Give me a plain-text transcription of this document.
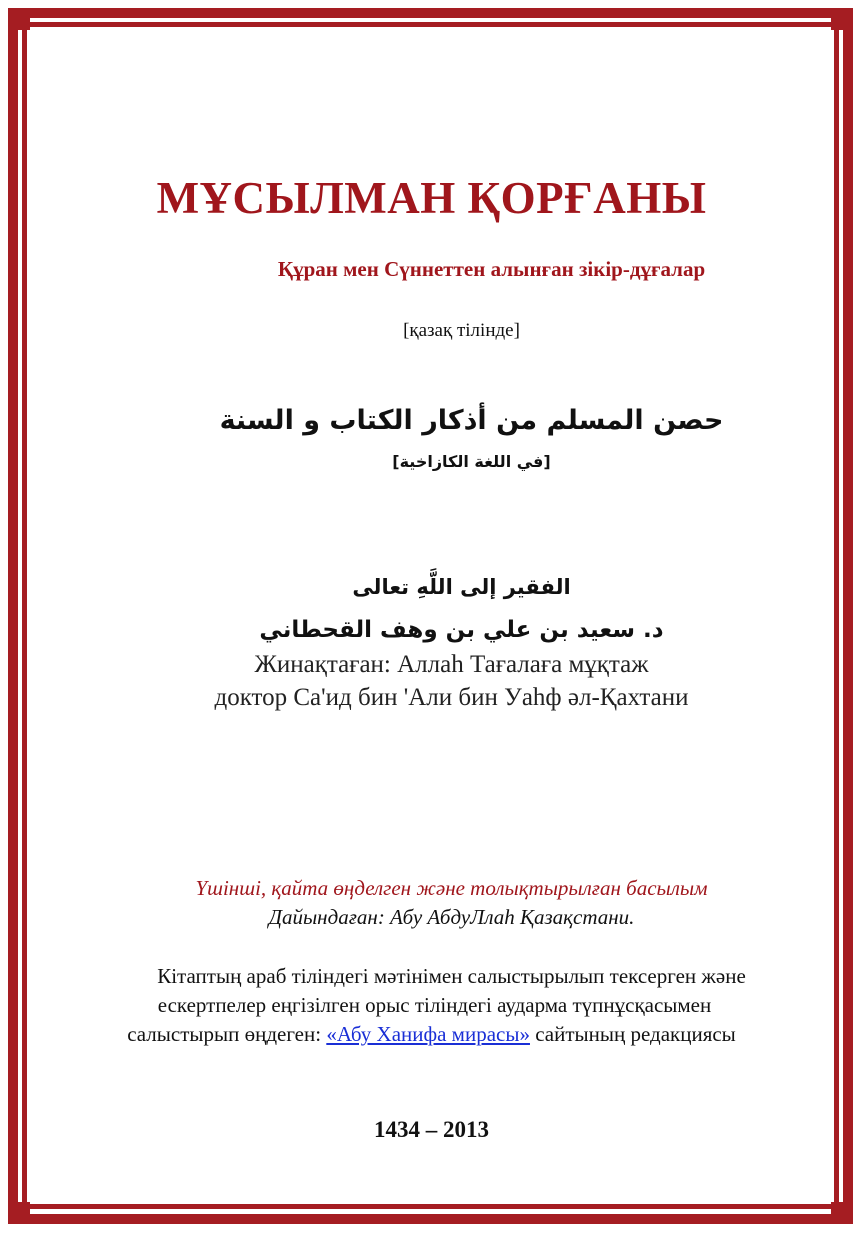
МҰСЫЛМАН ҚОРҒАНЫ
Құран мен Сүннеттен алынған зікір-дұғалар
[қазақ тілінде]
حصن المسلم من أذكار الكتاب و السنة
[في اللغة الكازاخية]
الفقير إلى اللَّهِ تعالى
د. سعيد بن علي بن وهف القحطاني
Жинақтаған: Аллаһ Тағалаға мұқтаж
доктор Са'ид бин 'Али бин Уаһф әл-Қахтани
Үшінші, қайта өңделген және толықтырылған басылым
Дайындаған: Абу АбдуЛлаһ Қазақстани.
Кітаптың араб тіліндегі мәтінімен салыстырылып тексерген және
ескертпелер еңгізілген орыс тіліндегі аударма түпнұсқасымен
салыстырып өңдеген: «Абу Ханифа мирасы» сайтының редакциясы
1434 – 2013
